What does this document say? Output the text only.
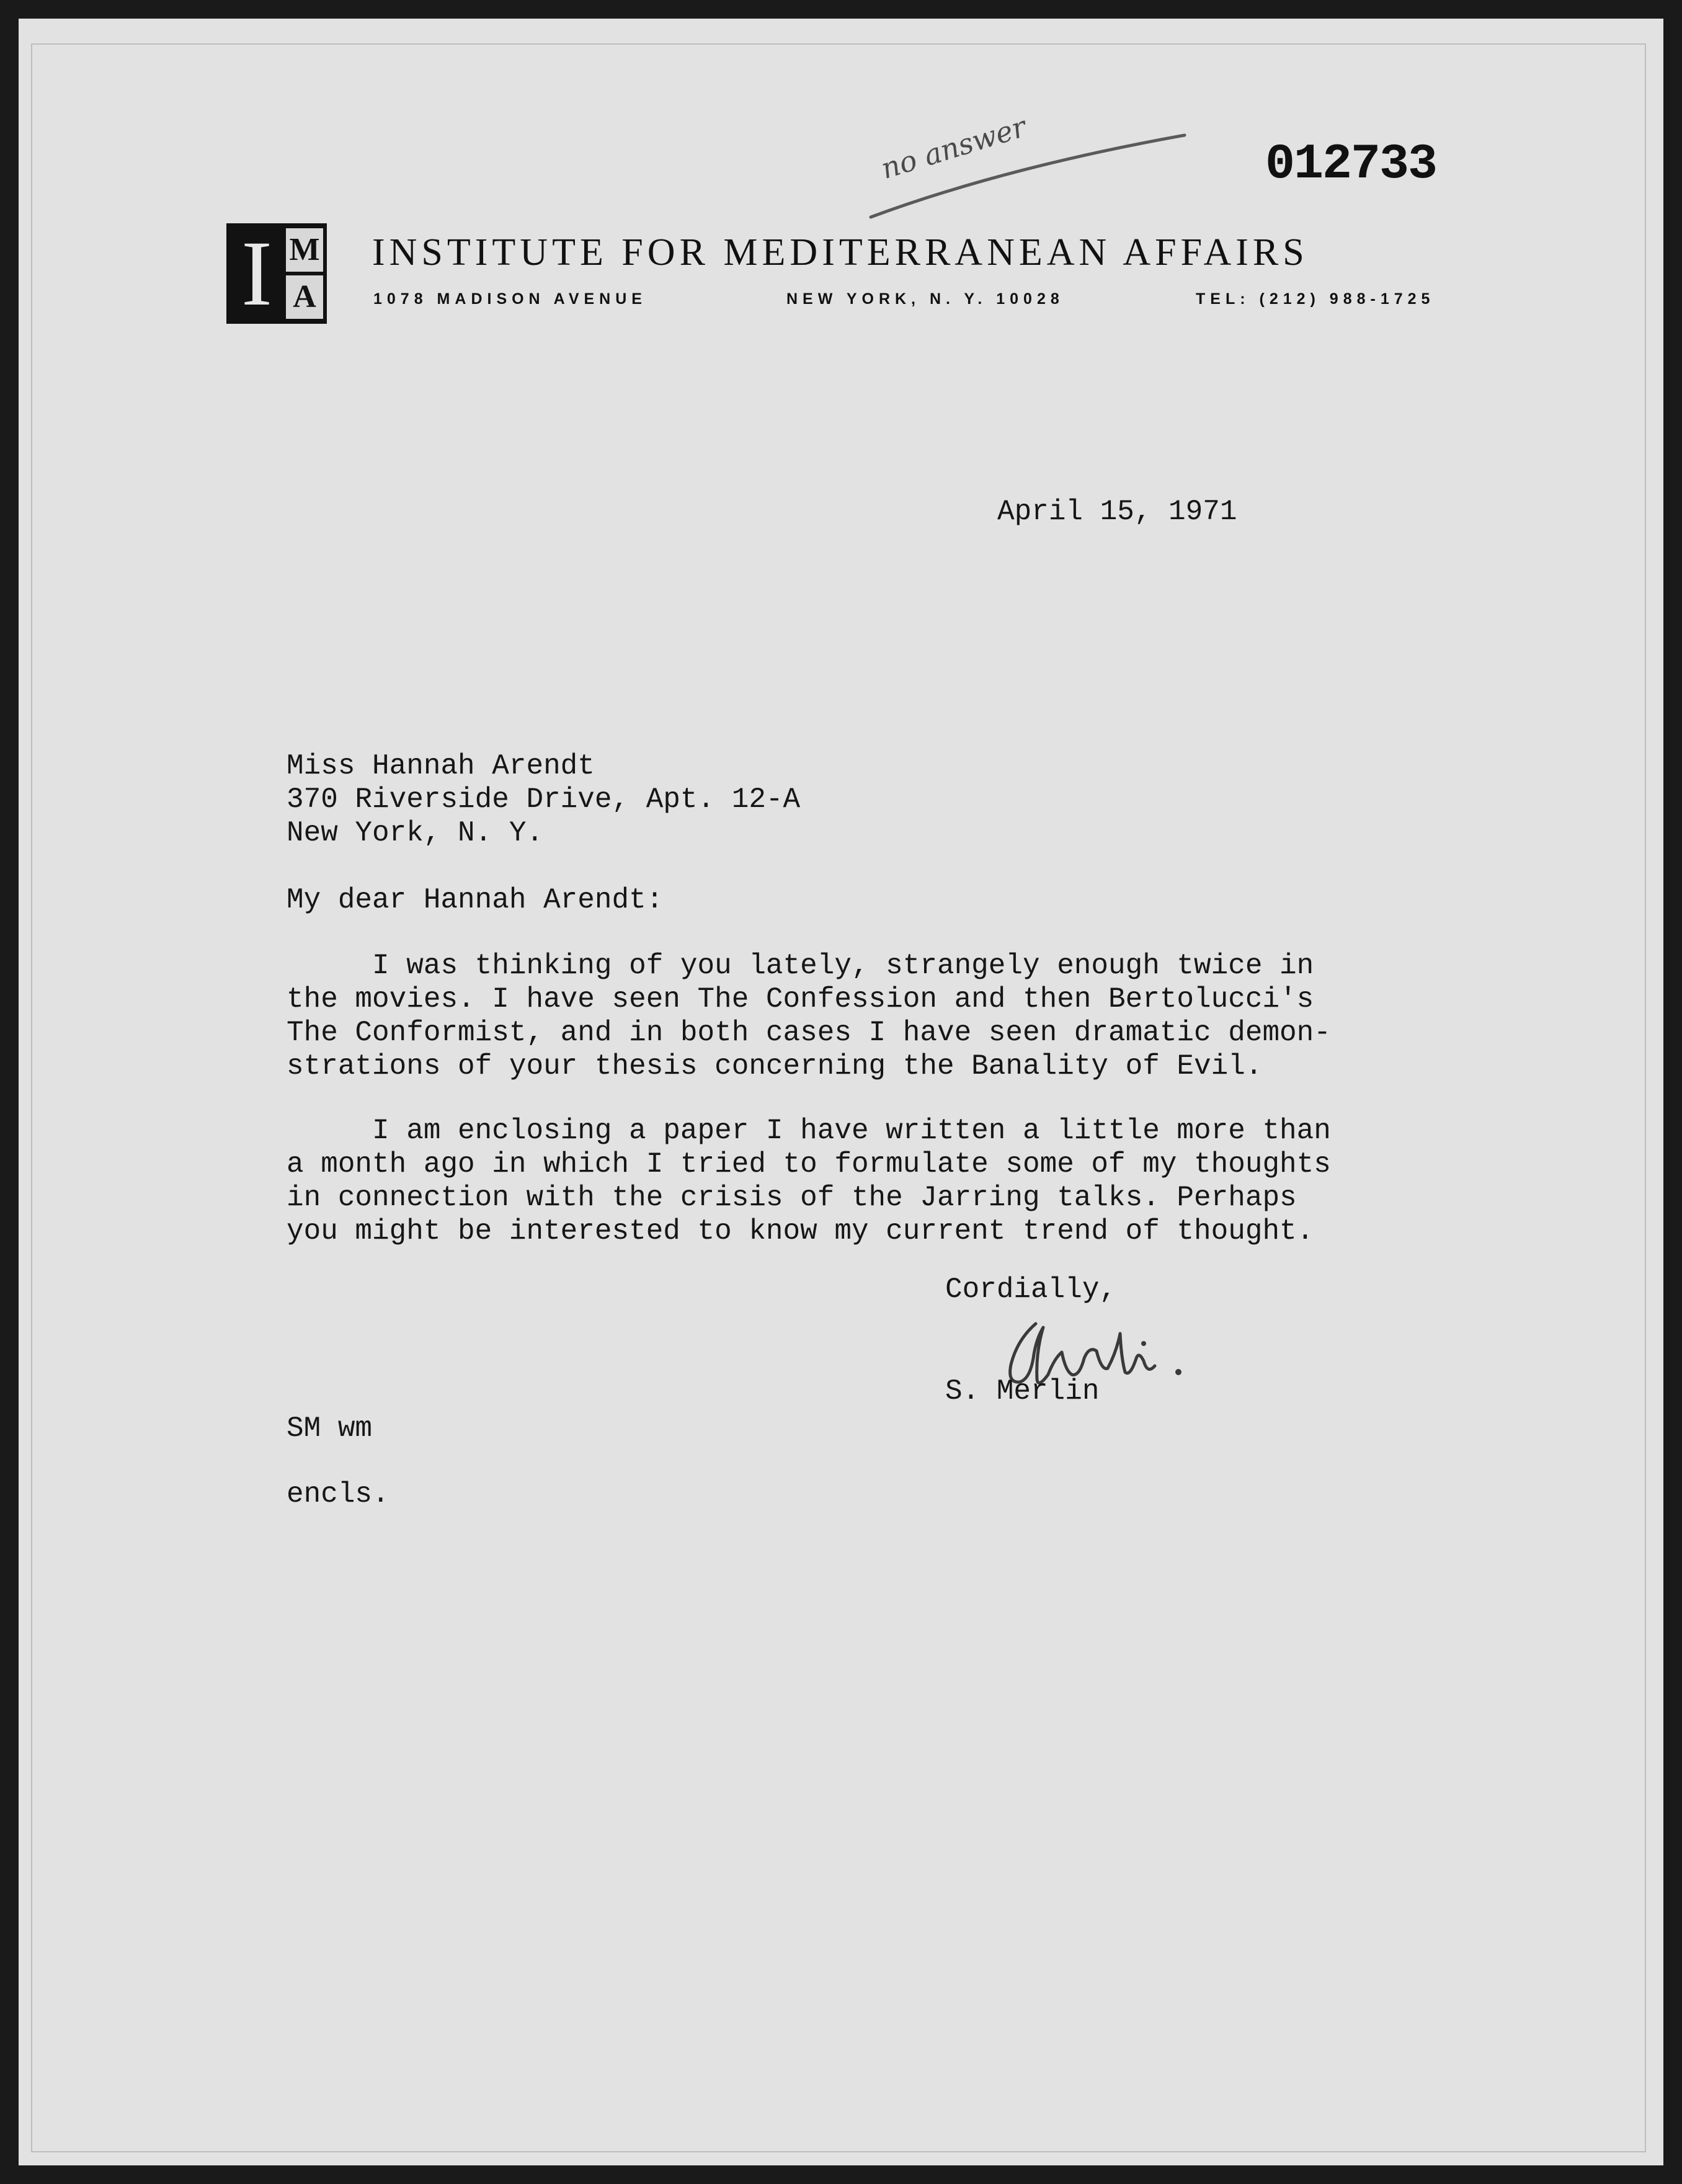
no answer	012733
I M
A
INSTITUTE FOR MEDITERRANEAN AFFAIRS
1078 MADISON AVENUE	NEW YORK, N. Y. 10028	TEL: (212) 988-1725
April 15, 1971
Miss Hannah Arendt
370 Riverside Drive, Apt. 12-A
New York, N. Y.
My dear Hannah Arendt:
I was thinking of you lately, strangely enough twice in
the movies. I have seen The Confession and then Bertolucci's
The Conformist, and in both cases I have seen dramatic demon-
strations of your thesis concerning the Banality of Evil.
I am enclosing a paper I have written a little more than
a month ago in which I tried to formulate some of my thoughts
in connection with the crisis of the Jarring talks. Perhaps
you might be interested to know my current trend of thought.
Cordially,
S. Merlin
SM wm
encls.
